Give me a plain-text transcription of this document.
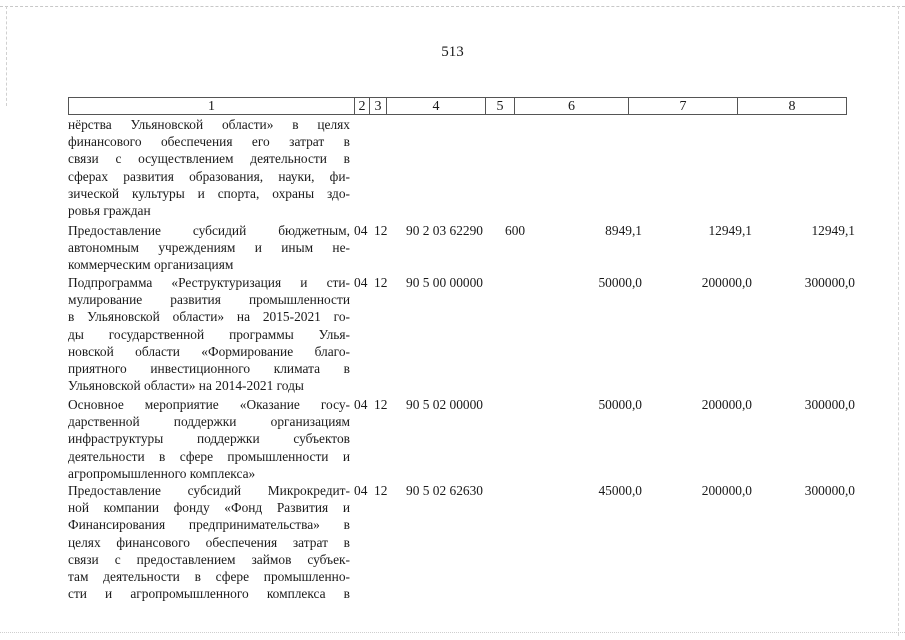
513
1	2 3	4	5	6	7	8
нёрства Ульяновской области» в целях
финансового обеспечения его затрат в
связи с осуществлением деятельности в
сферах развития образования, науки, фи-
зической культуры и спорта, охраны здо-
ровья граждан
Предоставление субсидий бюджетным,
автономным учреждениям и иным не-
коммерческим организациям
04 12 90 2 03 62290 600	8949,1	12949,1	12949,1
Подпрограмма «Реструктуризация и сти-
мулирование развития промышленности
в Ульяновской области» на 2015-2021 го-
ды государственной программы Улья-
новской области «Формирование благо-
приятного инвестиционного климата в
Ульяновской области» на 2014-2021 годы
04 12 90 5 00 00000	50000,0	200000,0	300000,0
Основное мероприятие «Оказание госу-
дарственной поддержки организациям
инфраструктуры поддержки субъектов
деятельности в сфере промышленности и
агропромышленного комплекса»
04 12 90 5 02 00000	50000,0	200000,0	300000,0
Предоставление субсидий Микрокредит-
ной компании фонду «Фонд Развития и
Финансирования предпринимательства» в
целях финансового обеспечения затрат в
связи с предоставлением займов субъек-
там деятельности в сфере промышленно-
сти и агропромышленного комплекса в
04 12 90 5 02 62630	45000,0	200000,0	300000,0
